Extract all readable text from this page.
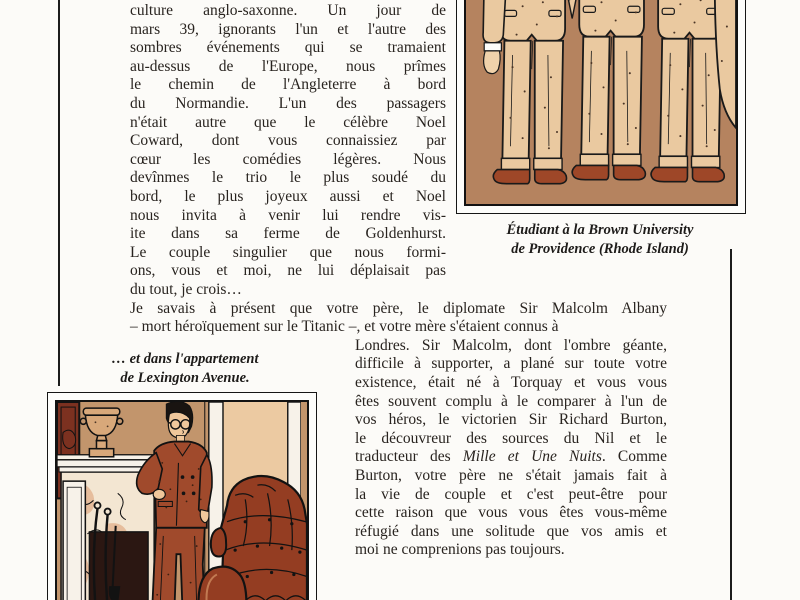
culture anglo-saxonne. Un jour de
mars 39, ignorants l'un et l'autre des
sombres événements qui se tramaient
au-dessus de l'Europe, nous prîmes
le chemin de l'Angleterre à bord
du Normandie. L'un des passagers
n'était autre que le célèbre Noel
Coward, dont vous connaissiez par
cœur les comédies légères. Nous
devînmes le trio le plus soudé du
bord, le plus joyeux aussi et Noel
nous invita à venir lui rendre vis-
ite dans sa ferme de Goldenhurst.
Le couple singulier que nous formi-
ons, vous et moi, ne lui déplaisait pas
du tout, je crois…
Je savais à présent que votre père, le diplomate Sir Malcolm Albany
– mort héroïquement sur le Titanic –, et votre mère s'étaient connus à
Londres. Sir Malcolm, dont l'ombre géante,
difficile à supporter, a plané sur toute votre
existence, était né à Torquay et vous vous
êtes souvent complu à le comparer à l'un de
vos héros, le victorien Sir Richard Burton,
le découvreur des sources du Nil et le
traducteur des Mille et Une Nuits. Comme
Burton, votre père ne s'était jamais fait à
la vie de couple et c'est peut-être pour
cette raison que vous vous êtes vous-même
réfugié dans une solitude que vos amis et
moi ne comprenions pas toujours.
Étudiant à la Brown University
de Providence (Rhode Island)
… et dans l'appartement
de Lexington Avenue.
